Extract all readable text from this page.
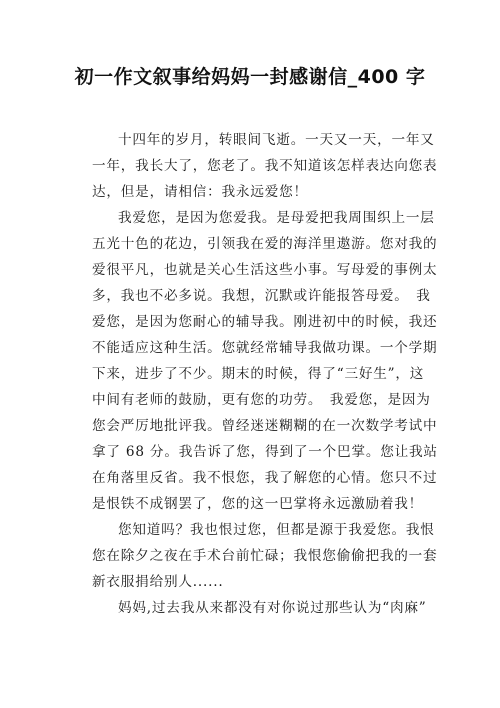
初一作文叙事给妈妈一封感谢信_400 字
十四年的岁月，转眼间飞逝。一天又一天，一年又
一年，我长大了，您老了。我不知道该怎样表达向您表
达，但是，请相信：我永远爱您！
我爱您，是因为您爱我。是母爱把我周围织上一层
五光十色的花边，引领我在爱的海洋里遨游。您对我的
爱很平凡，也就是关心生活这些小事。写母爱的事例太
多，我也不必多说。我想，沉默或许能报答母爱。　我
爱您，是因为您耐心的辅导我。刚进初中的时候，我还
不能适应这种生活。您就经常辅导我做功课。一个学期
下来，进步了不少。期末的时候，得了“三好生”，这
中间有老师的鼓励，更有您的功劳。　我爱您，是因为
您会严厉地批评我。曾经迷迷糊糊的在一次数学考试中
拿了 68 分。我告诉了您，得到了一个巴掌。您让我站
在角落里反省。我不恨您，我了解您的心情。您只不过
是恨铁不成钢罢了，您的这一巴掌将永远激励着我！
您知道吗？我也恨过您，但都是源于我爱您。我恨
您在除夕之夜在手术台前忙碌；我恨您偷偷把我的一套
新衣服捐给别人......
妈妈,过去我从来都没有对你说过那些认为“肉麻”
